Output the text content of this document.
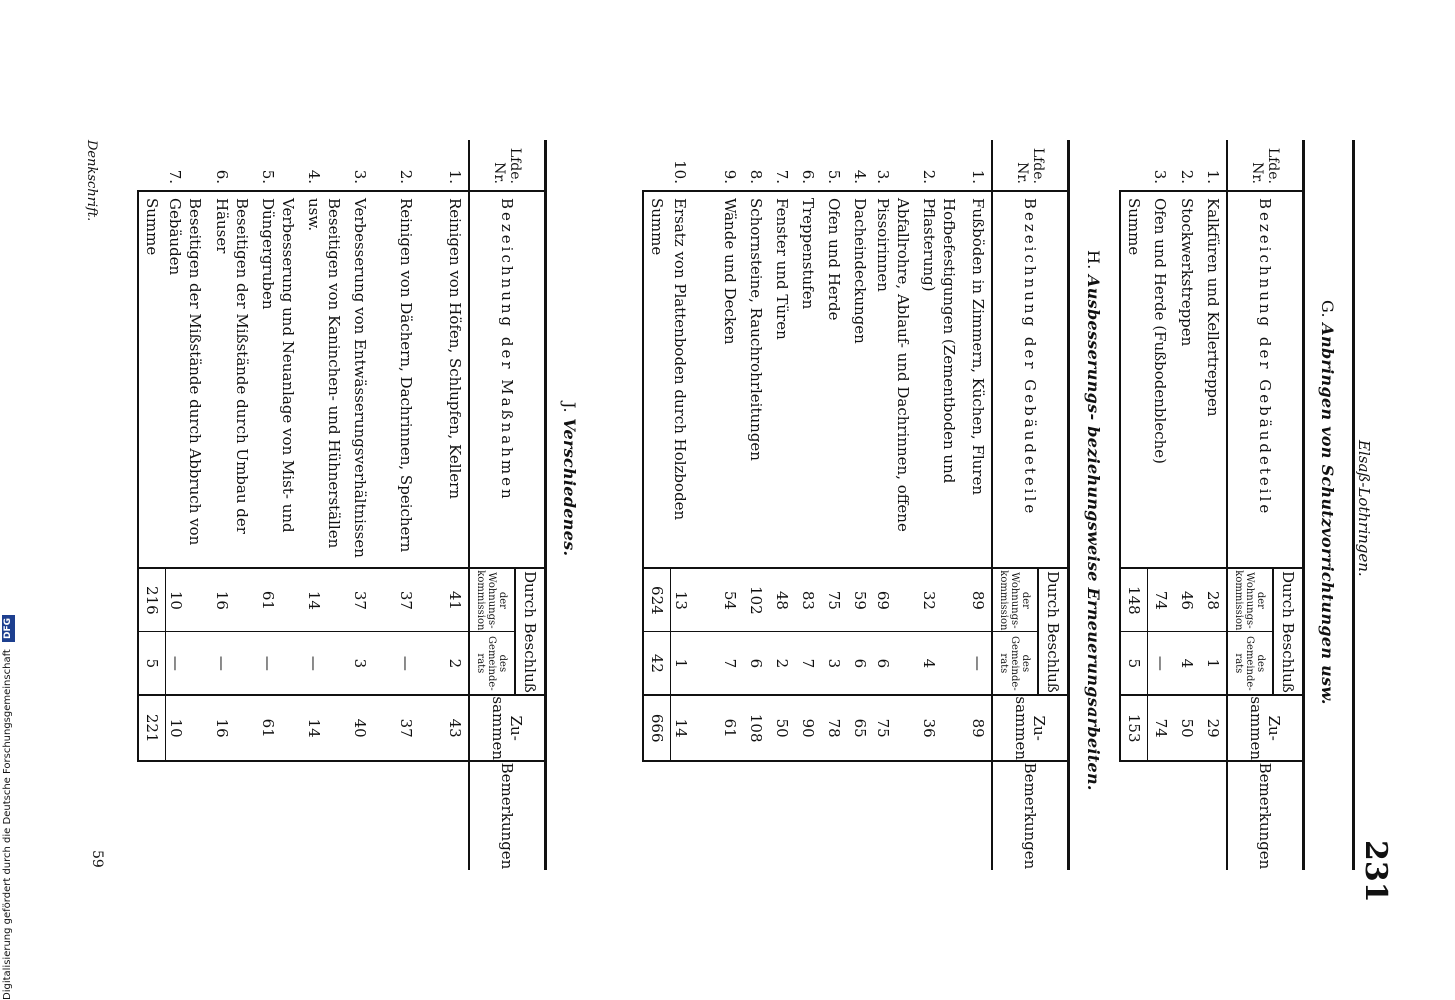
Elsaß-Lothringen.
231
G. Anbringen von Schutzvorrichtungen usw.
Lfde. Nr.	Bezeichnung der Gebäudeteile	Durch Beschluß		Zu-sammen	Bemerkungen
		der Wohnungs-kommission	des Gemeinde-rats		
1.	Kalkfüren und Kellertreppen	28	1	29	
2.	Stockwerkstreppen	46	4	50	
3.	Ofen und Herde (Fußbodenbleche)	74	—	74	
	Summe	148	5	153	
H. Ausbesserungs- beziehungsweise Erneuerungsarbeiten.
Lfde. Nr.	Bezeichnung der Gebäudeteile	Durch Beschluß		Zu-sammen	Bemerkungen
		der Wohnungs-kommission	des Gemeinde-rats		
1.	Fußböden in Zimmern, Küchen, Fluren	89	—	89	
2.	Hofbefestigungen (Zementboden und Pflasterung)	32	4	36	
3.	Abfallrohre, Ablauf- und Dachrinnen, offene Pissoirinnen	69	6	75	
4.	Dacheindeckungen	59	6	65	
5.	Ofen und Herde	75	3	78	
6.	Treppenstufen	83	7	90	
7.	Fenster und Türen	48	2	50	
8.	Schornsteine, Rauchrohrleitungen	102	6	108	
9.	Wände und Decken	54	7	61	
10.	Ersatz von Plattenboden durch Holzboden	13	1	14	
	Summe	624	42	666	
J. Verschiedenes.
Lfde. Nr.	Bezeichnung der Maßnahmen	Durch Beschluß		Zu-sammen	Bemerkungen
		der Wohnungs-kommission	des Gemeinde-rats		
1.	Reinigen von Höfen, Schlupfen, Kellern	41	2	43	
2.	Reinigen von Dächern, Dachrinnen, Speichern	37	—	37	
3.	Verbesserung von Entwässerungsverhältnissen	37	3	40	
4.	Beseitigen von Kaninchen- und Hühnerställen usw.	14	—	14	
5.	Verbesserung und Neuanlage von Mist- und Düngergruben	61	—	61	
6.	Beseitigen der Mißstände durch Umbau der Häuser	16	—	16	
7.	Beseitigen der Mißstände durch Abbruch von Gebäuden	10	—	10	
	Summe	216	5	221	
Denkschrift.
59
Digitalisierung gefördert durch die Deutsche Forschungsgemeinschaft DFG
